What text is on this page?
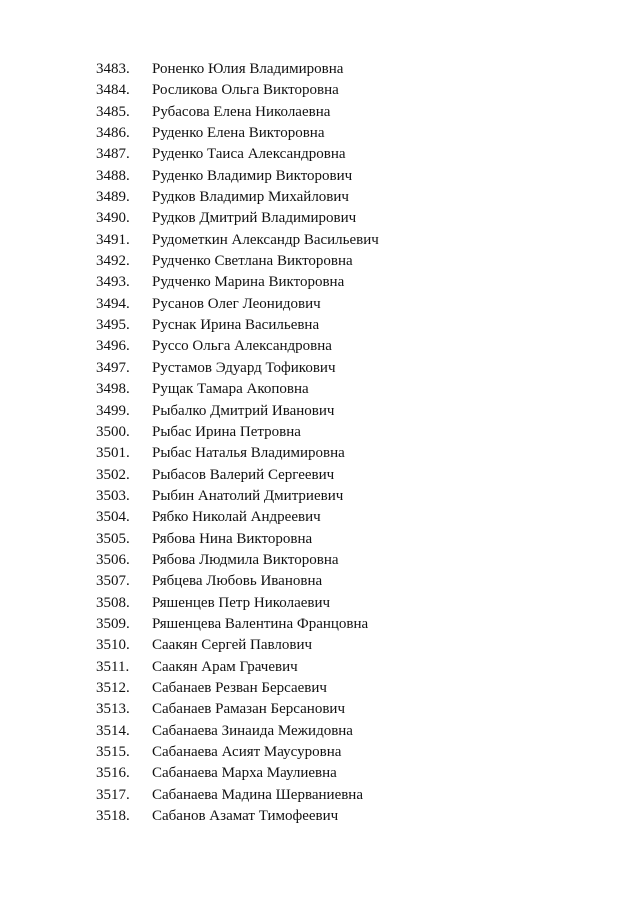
3483. Роненко Юлия Владимировна
3484. Росликова Ольга Викторовна
3485. Рубасова Елена Николаевна
3486. Руденко Елена Викторовна
3487. Руденко Таиса Александровна
3488. Руденко Владимир Викторович
3489. Рудков Владимир Михайлович
3490. Рудков Дмитрий Владимирович
3491. Рудометкин Александр Васильевич
3492. Рудченко Светлана Викторовна
3493. Рудченко Марина Викторовна
3494. Русанов Олег Леонидович
3495. Руснак Ирина Васильевна
3496. Руссо Ольга Александровна
3497. Рустамов Эдуард Тофикович
3498. Рущак Тамара Акоповна
3499. Рыбалко Дмитрий Иванович
3500. Рыбас Ирина Петровна
3501. Рыбас Наталья Владимировна
3502. Рыбасов Валерий Сергеевич
3503. Рыбин Анатолий Дмитриевич
3504. Рябко Николай Андреевич
3505. Рябова Нина Викторовна
3506. Рябова Людмила Викторовна
3507. Рябцева Любовь Ивановна
3508. Ряшенцев Петр Николаевич
3509. Ряшенцева Валентина Францовна
3510. Саакян Сергей Павлович
3511. Саакян Арам Грачевич
3512. Сабанаев Резван Берсаевич
3513. Сабанаев Рамазан Берсанович
3514. Сабанаева Зинаида Межидовна
3515. Сабанаева Асият Маусуровна
3516. Сабанаева Марха Маулиевна
3517. Сабанаева Мадина Шерваниевна
3518. Сабанов Азамат Тимофеевич
